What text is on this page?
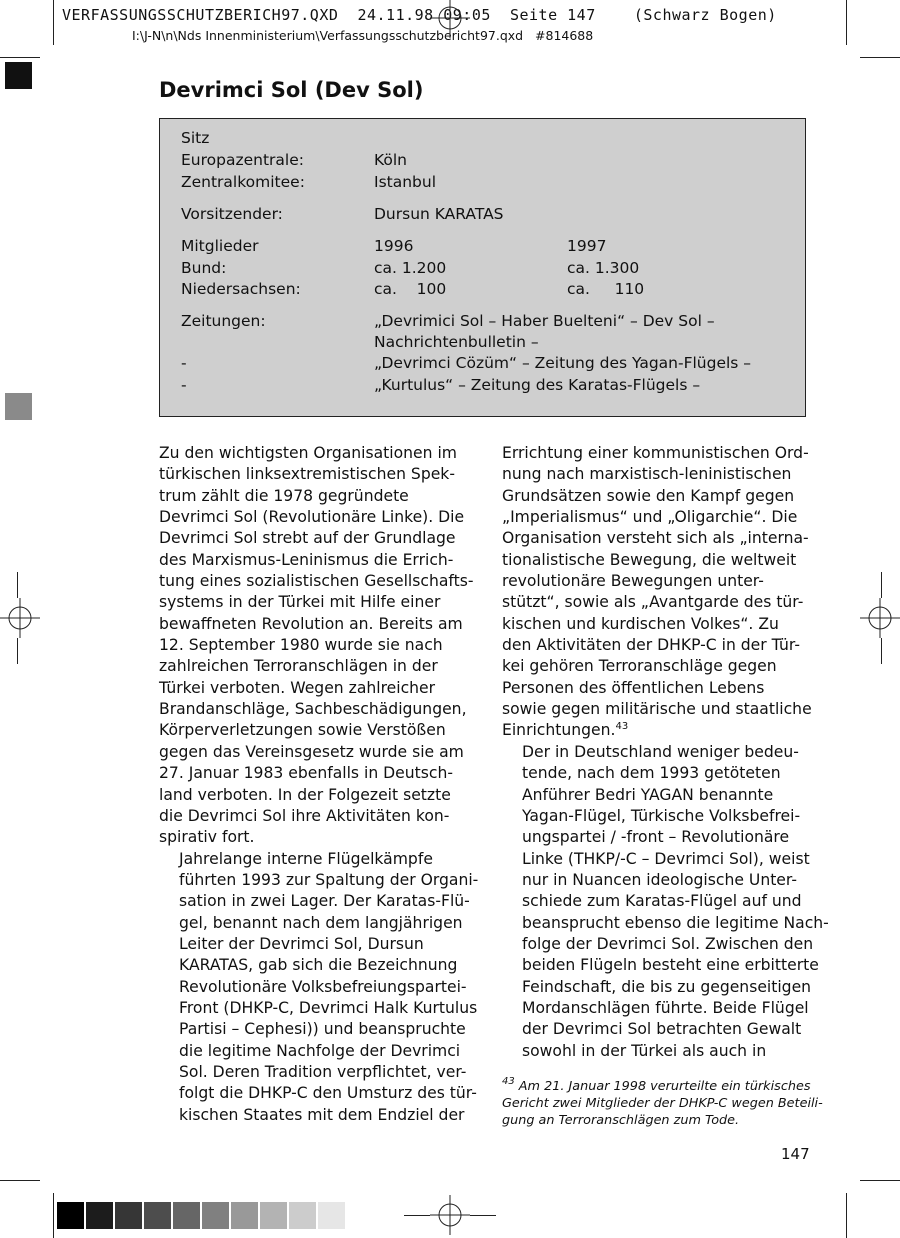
VERFASSUNGSSCHUTZBERICH97.QXD  24.11.98 09:05  Seite 147    (Schwarz Bogen)
I:\J-N\n\Nds Innenministerium\Verfassungsschutzbericht97.qxd   #814688
Devrimci Sol (Dev Sol)
Sitz
Europazentrale:	Köln
Zentralkomitee:	Istanbul
Vorsitzender:	Dursun KARATAS
Mitglieder	1996	1997
Bund:	ca. 1.200	ca. 1.300
Niedersachsen:	ca.    100	ca.     110
Zeitungen:	„Devrimici Sol – Haber Buelteni“ – Dev Sol –
Nachrichtenbulletin –
-	„Devrimci Cözüm“ – Zeitung des Yagan-Flügels –
-	„Kurtulus“ – Zeitung des Karatas-Flügels –

Zu den wichtigsten Organisationen im
türkischen linksextremistischen Spek-
trum zählt die 1978 gegründete
Devrimci Sol (Revolutionäre Linke). Die
Devrimci Sol strebt auf der Grundlage
des Marxismus-Leninismus die Errich-
tung eines sozialistischen Gesellschafts-
systems in der Türkei mit Hilfe einer
bewaffneten Revolution an. Bereits am
12. September 1980 wurde sie nach
zahlreichen Terroranschlägen in der
Türkei verboten. Wegen zahlreicher
Brandanschläge, Sachbeschädigungen,
Körperverletzungen sowie Verstößen
gegen das Vereinsgesetz wurde sie am
27. Januar 1983 ebenfalls in Deutsch-
land verboten. In der Folgezeit setzte
die Devrimci Sol ihre Aktivitäten kon-
spirativ fort.

Jahrelange interne Flügelkämpfe
führten 1993 zur Spaltung der Organi-
sation in zwei Lager. Der Karatas-Flü-
gel, benannt nach dem langjährigen
Leiter der Devrimci Sol, Dursun
KARATAS, gab sich die Bezeichnung
Revolutionäre Volksbefreiungspartei-
Front (DHKP-C, Devrimci Halk Kurtulus
Partisi – Cephesi)) und beanspruchte
die legitime Nachfolge der Devrimci
Sol. Deren Tradition verpflichtet, ver-
folgt die DHKP-C den Umsturz des tür-
kischen Staates mit dem Endziel der

Errichtung einer kommunistischen Ord-
nung nach marxistisch-leninistischen
Grundsätzen sowie den Kampf gegen
„Imperialismus“ und „Oligarchie“. Die
Organisation versteht sich als „interna-
tionalistische Bewegung, die weltweit
revolutionäre Bewegungen unter-
stützt“, sowie als „Avantgarde des tür-
kischen und kurdischen Volkes“. Zu
den Aktivitäten der DHKP-C in der Tür-
kei gehören Terroranschläge gegen
Personen des öffentlichen Lebens
sowie gegen militärische und staatliche
Einrichtungen.$^{43}$

Der in Deutschland weniger bedeu-
tende, nach dem 1993 getöteten
Anführer Bedri YAGAN benannte
Yagan-Flügel, Türkische Volksbefrei-
ungspartei / -front – Revolutionäre
Linke (THKP/-C – Devrimci Sol), weist
nur in Nuancen ideologische Unter-
schiede zum Karatas-Flügel auf und
beansprucht ebenso die legitime Nach-
folge der Devrimci Sol. Zwischen den
beiden Flügeln besteht eine erbitterte
Feindschaft, die bis zu gegenseitigen
Mordanschlägen führte. Beide Flügel
der Devrimci Sol betrachten Gewalt
sowohl in der Türkei als auch in

$^{43}$ Am 21. Januar 1998 verurteilte ein türkisches
Gericht zwei Mitglieder der DHKP-C wegen Beteili-
gung an Terroranschlägen zum Tode.
147
